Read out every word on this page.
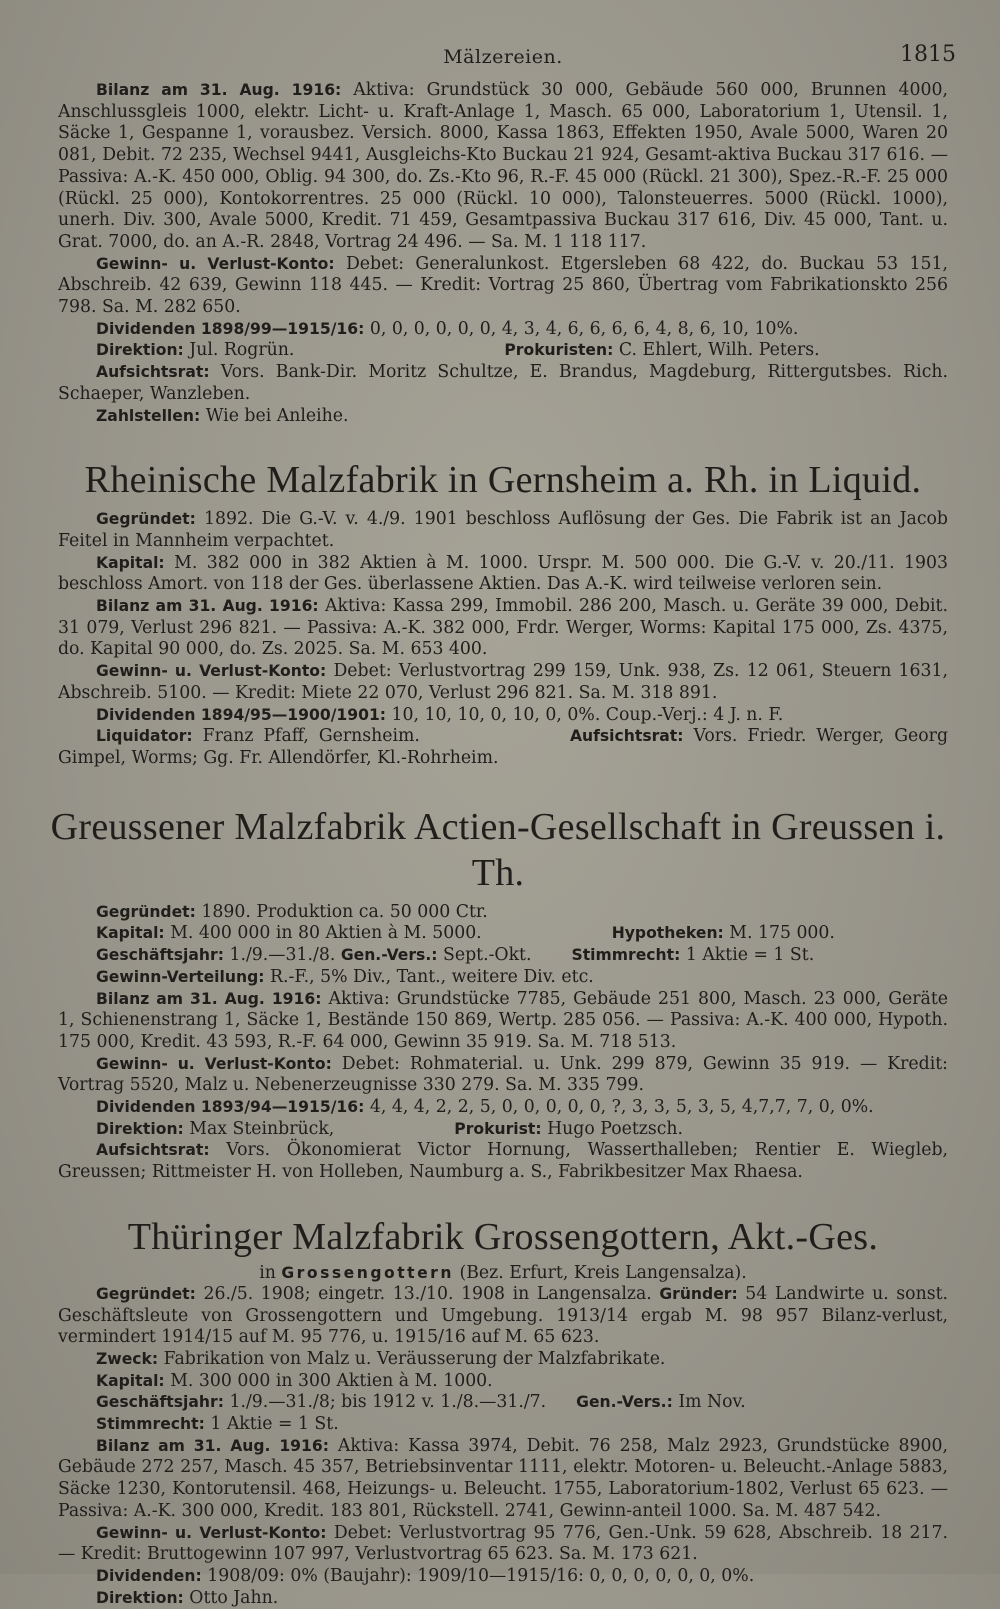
Mälzereien.	1815

Bilanz am 31. Aug. 1916: Aktiva: Grundstück 30 000, Gebäude 560 000, Brunnen 4000, Anschlussgleis 1000, elektr. Licht- u. Kraft-Anlage 1, Masch. 65 000, Laboratorium 1, Utensil. 1, Säcke 1, Gespanne 1, vorausbez. Versich. 8000, Kassa 1863, Effekten 1950, Avale 5000, Waren 20 081, Debit. 72 235, Wechsel 9441, Ausgleichs-Kto Buckau 21 924, Gesamt-aktiva Buckau 317 616. — Passiva: A.-K. 450 000, Oblig. 94 300, do. Zs.-Kto 96, R.-F. 45 000 (Rückl. 21 300), Spez.-R.-F. 25 000 (Rückl. 25 000), Kontokorrentres. 25 000 (Rückl. 10 000), Talonsteuerres. 5000 (Rückl. 1000), unerh. Div. 300, Avale 5000, Kredit. 71 459, Gesamtpassiva Buckau 317 616, Div. 45 000, Tant. u. Grat. 7000, do. an A.-R. 2848, Vortrag 24 496. — Sa. M. 1 118 117.

Gewinn- u. Verlust-Konto: Debet: Generalunkost. Etgersleben 68 422, do. Buckau 53 151, Abschreib. 42 639, Gewinn 118 445. — Kredit: Vortrag 25 860, Übertrag vom Fabrikationskto 256 798. Sa. M. 282 650.

Dividenden 1898/99—1915/16: 0, 0, 0, 0, 0, 0, 4, 3, 4, 6, 6, 6, 6, 4, 8, 6, 10, 10%.

Direktion: Jul. Rogrün.	Prokuristen: C. Ehlert, Wilh. Peters.

Aufsichtsrat: Vors. Bank-Dir. Moritz Schultze, E. Brandus, Magdeburg, Rittergutsbes. Rich. Schaeper, Wanzleben.

Zahlstellen: Wie bei Anleihe.

Rheinische Malzfabrik in Gernsheim a. Rh. in Liquid.

Gegründet: 1892. Die G.-V. v. 4./9. 1901 beschloss Auflösung der Ges. Die Fabrik ist an Jacob Feitel in Mannheim verpachtet.

Kapital: M. 382 000 in 382 Aktien à M. 1000. Urspr. M. 500 000. Die G.-V. v. 20./11. 1903 beschloss Amort. von 118 der Ges. überlassene Aktien. Das A.-K. wird teilweise verloren sein.

Bilanz am 31. Aug. 1916: Aktiva: Kassa 299, Immobil. 286 200, Masch. u. Geräte 39 000, Debit. 31 079, Verlust 296 821. — Passiva: A.-K. 382 000, Frdr. Werger, Worms: Kapital 175 000, Zs. 4375, do. Kapital 90 000, do. Zs. 2025. Sa. M. 653 400.

Gewinn- u. Verlust-Konto: Debet: Verlustvortrag 299 159, Unk. 938, Zs. 12 061, Steuern 1631, Abschreib. 5100. — Kredit: Miete 22 070, Verlust 296 821. Sa. M. 318 891.

Dividenden 1894/95—1900/1901: 10, 10, 10, 0, 10, 0, 0%. Coup.-Verj.: 4 J. n. F.

Liquidator: Franz Pfaff, Gernsheim.	Aufsichtsrat: Vors. Friedr. Werger, Georg Gimpel, Worms; Gg. Fr. Allendörfer, Kl.-Rohrheim.

Greussener Malzfabrik Actien-Gesellschaft in Greussen i. Th.

Gegründet: 1890. Produktion ca. 50 000 Ctr.

Kapital: M. 400 000 in 80 Aktien à M. 5000.	Hypotheken: M. 175 000.

Geschäftsjahr: 1./9.—31./8. Gen.-Vers.: Sept.-Okt.	Stimmrecht: 1 Aktie = 1 St.

Gewinn-Verteilung: R.-F., 5% Div., Tant., weitere Div. etc.

Bilanz am 31. Aug. 1916: Aktiva: Grundstücke 7785, Gebäude 251 800, Masch. 23 000, Geräte 1, Schienenstrang 1, Säcke 1, Bestände 150 869, Wertp. 285 056. — Passiva: A.-K. 400 000, Hypoth. 175 000, Kredit. 43 593, R.-F. 64 000, Gewinn 35 919. Sa. M. 718 513.

Gewinn- u. Verlust-Konto: Debet: Rohmaterial. u. Unk. 299 879, Gewinn 35 919. — Kredit: Vortrag 5520, Malz u. Nebenerzeugnisse 330 279. Sa. M. 335 799.

Dividenden 1893/94—1915/16: 4, 4, 4, 2, 2, 5, 0, 0, 0, 0, 0, ?, 3, 3, 5, 3, 5, 4,7,7, 7, 0, 0%.

Direktion: Max Steinbrück,	Prokurist: Hugo Poetzsch.

Aufsichtsrat: Vors. Ökonomierat Victor Hornung, Wasserthalleben; Rentier E. Wiegleb, Greussen; Rittmeister H. von Holleben, Naumburg a. S., Fabrikbesitzer Max Rhaesa.

Thüringer Malzfabrik Grossengottern, Akt.-Ges.
in Grossengottern (Bez. Erfurt, Kreis Langensalza).

Gegründet: 26./5. 1908; eingetr. 13./10. 1908 in Langensalza. Gründer: 54 Landwirte u. sonst. Geschäftsleute von Grossengottern und Umgebung. 1913/14 ergab M. 98 957 Bilanz-verlust, vermindert 1914/15 auf M. 95 776, u. 1915/16 auf M. 65 623.

Zweck: Fabrikation von Malz u. Veräusserung der Malzfabrikate.

Kapital: M. 300 000 in 300 Aktien à M. 1000.

Geschäftsjahr: 1./9.—31./8; bis 1912 v. 1./8.—31./7. Gen.-Vers.: Im Nov.

Stimmrecht: 1 Aktie = 1 St.

Bilanz am 31. Aug. 1916: Aktiva: Kassa 3974, Debit. 76 258, Malz 2923, Grundstücke 8900, Gebäude 272 257, Masch. 45 357, Betriebsinventar 1111, elektr. Motoren- u. Beleucht.-Anlage 5883, Säcke 1230, Kontorutensil. 468, Heizungs- u. Beleucht. 1755, Laboratorium-1802, Verlust 65 623. — Passiva: A.-K. 300 000, Kredit. 183 801, Rückstell. 2741, Gewinn-anteil 1000. Sa. M. 487 542.

Gewinn- u. Verlust-Konto: Debet: Verlustvortrag 95 776, Gen.-Unk. 59 628, Abschreib. 18 217. — Kredit: Bruttogewinn 107 997, Verlustvortrag 65 623. Sa. M. 173 621.

Dividenden: 1908/09: 0% (Baujahr): 1909/10—1915/16: 0, 0, 0, 0, 0, 0, 0%.

Direktion: Otto Jahn.
